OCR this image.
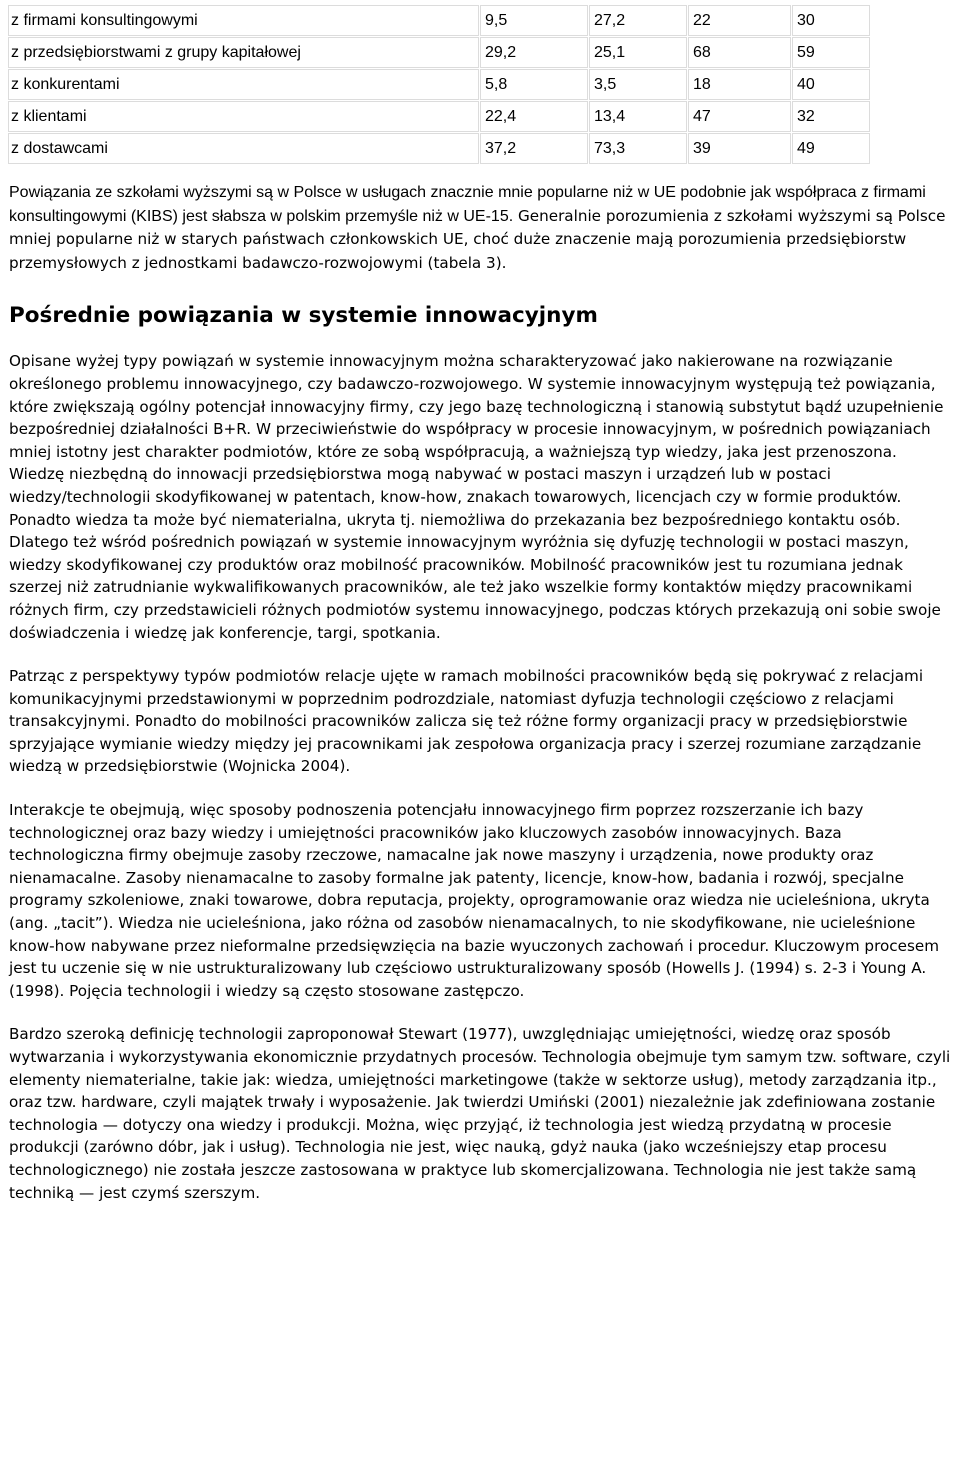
z firmami konsultingowymi	9,5	27,2	22	30
z przedsiębiorstwami z grupy kapitałowej	29,2	25,1	68	59
z konkurentami	5,8	3,5	18	40
z klientami	22,4	13,4	47	32
z dostawcami	37,2	73,3	39	49

Powiązania ze szkołami wyższymi są w Polsce w usługach znacznie mnie popularne niż w UE podobnie jak współpraca z firmami konsultingowymi (KIBS) jest słabsza w polskim przemyśle niż w UE-15. Generalnie porozumienia z szkołami wyższymi są Polsce mniej popularne niż w starych państwach członkowskich UE, choć duże znaczenie mają porozumienia przedsiębiorstw przemysłowych z jednostkami badawczo-rozwojowymi (tabela 3).

Pośrednie powiązania w systemie innowacyjnym

Opisane wyżej typy powiązań w systemie innowacyjnym można scharakteryzować jako nakierowane na rozwiązanie określonego problemu innowacyjnego, czy badawczo-rozwojowego. W systemie innowacyjnym występują też powiązania, które zwiększają ogólny potencjał innowacyjny firmy, czy jego bazę technologiczną i stanowią substytut bądź uzupełnienie bezpośredniej działalności B+R. W przeciwieństwie do współpracy w procesie innowacyjnym, w pośrednich powiązaniach mniej istotny jest charakter podmiotów, które ze sobą współpracują, a ważniejszą typ wiedzy, jaka jest przenoszona. Wiedzę niezbędną do innowacji przedsiębiorstwa mogą nabywać w postaci maszyn i urządzeń lub w postaci wiedzy/technologii skodyfikowanej w patentach, know-how, znakach towarowych, licencjach czy w formie produktów. Ponadto wiedza ta może być niematerialna, ukryta tj. niemożliwa do przekazania bez bezpośredniego kontaktu osób. Dlatego też wśród pośrednich powiązań w systemie innowacyjnym wyróżnia się dyfuzję technologii w postaci maszyn, wiedzy skodyfikowanej czy produktów oraz mobilność pracowników. Mobilność pracowników jest tu rozumiana jednak szerzej niż zatrudnianie wykwalifikowanych pracowników, ale też jako wszelkie formy kontaktów między pracownikami różnych firm, czy przedstawicieli różnych podmiotów systemu innowacyjnego, podczas których przekazują oni sobie swoje doświadczenia i wiedzę jak konferencje, targi, spotkania.

Patrząc z perspektywy typów podmiotów relacje ujęte w ramach mobilności pracowników będą się pokrywać z relacjami komunikacyjnymi przedstawionymi w poprzednim podrozdziale, natomiast dyfuzja technologii częściowo z relacjami transakcyjnymi. Ponadto do mobilności pracowników zalicza się też różne formy organizacji pracy w przedsiębiorstwie sprzyjające wymianie wiedzy między jej pracownikami jak zespołowa organizacja pracy i szerzej rozumiane zarządzanie wiedzą w przedsiębiorstwie (Wojnicka 2004).

Interakcje te obejmują, więc sposoby podnoszenia potencjału innowacyjnego firm poprzez rozszerzanie ich bazy technologicznej oraz bazy wiedzy i umiejętności pracowników jako kluczowych zasobów innowacyjnych. Baza technologiczna firmy obejmuje zasoby rzeczowe, namacalne jak nowe maszyny i urządzenia, nowe produkty oraz nienamacalne. Zasoby nienamacalne to zasoby formalne jak patenty, licencje, know-how, badania i rozwój, specjalne programy szkoleniowe, znaki towarowe, dobra reputacja, projekty, oprogramowanie oraz wiedza nie ucieleśniona, ukryta (ang. „tacit”). Wiedza nie ucieleśniona, jako różna od zasobów nienamacalnych, to nie skodyfikowane, nie ucieleśnione know-how nabywane przez nieformalne przedsięwzięcia na bazie wyuczonych zachowań i procedur. Kluczowym procesem jest tu uczenie się w nie ustrukturalizowany lub częściowo ustrukturalizowany sposób (Howells J. (1994) s. 2-3 i Young A. (1998). Pojęcia technologii i wiedzy są często stosowane zastępczo.

Bardzo szeroką definicję technologii zaproponował Stewart (1977), uwzględniając umiejętności, wiedzę oraz sposób wytwarzania i wykorzystywania ekonomicznie przydatnych procesów. Technologia obejmuje tym samym tzw. software, czyli elementy niematerialne, takie jak: wiedza, umiejętności marketingowe (także w sektorze usług), metody zarządzania itp., oraz tzw. hardware, czyli majątek trwały i wyposażenie. Jak twierdzi Umiński (2001) niezależnie jak zdefiniowana zostanie technologia — dotyczy ona wiedzy i produkcji. Można, więc przyjąć, iż technologia jest wiedzą przydatną w procesie produkcji (zarówno dóbr, jak i usług). Technologia nie jest, więc nauką, gdyż nauka (jako wcześniejszy etap procesu technologicznego) nie została jeszcze zastosowana w praktyce lub skomercjalizowana. Technologia nie jest także samą techniką — jest czymś szerszym.
